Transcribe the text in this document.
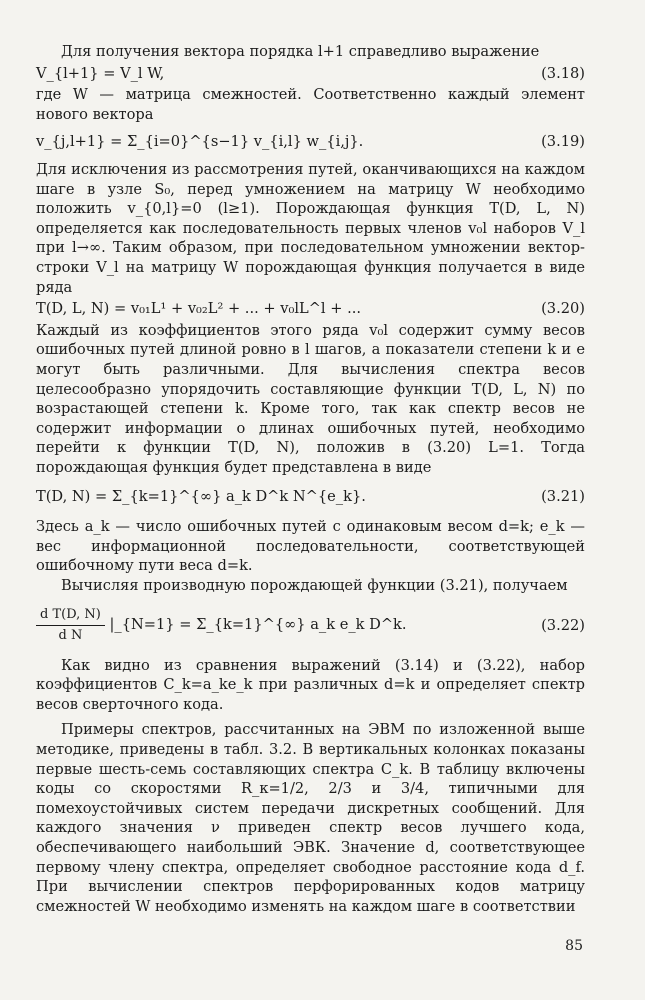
Для получения вектора порядка l+1 справедливо выражение

V_{l+1} = V_l W,	(3.18)

где W — матрица смежностей. Соответственно каждый элемент нового вектора

v_{j,l+1} = Σ_{i=0}^{s−1} v_{i,l} w_{i,j}.	(3.19)

Для исключения из рассмотрения путей, оканчивающихся на каждом шаге в узле S₀, перед умножением на матрицу W необходимо положить v_{0,l}=0 (l≥1). Порождающая функция T(D, L, N) определяется как последовательность первых членов v₀l наборов V_l при l→∞. Таким образом, при последовательном умножении вектор-строки V_l на матрицу W порождающая функция получается в виде ряда

T(D, L, N) = v₀₁L¹ + v₀₂L² + ... + v₀lL^l + ...	(3.20)

Каждый из коэффициентов этого ряда v₀l содержит сумму весов ошибочных путей длиной ровно в l шагов, а показатели степени k и e могут быть различными. Для вычисления спектра весов целесообразно упорядочить составляющие функции T(D, L, N) по возрастающей степени k. Кроме того, так как спектр весов не содержит информации о длинах ошибочных путей, необходимо перейти к функции T(D, N), положив в (3.20) L=1. Тогда порождающая функция будет представлена в виде

T(D, N) = Σ_{k=1}^{∞} a_k D^k N^{e_k}.	(3.21)

Здесь a_k — число ошибочных путей с одинаковым весом d=k; e_k — вес информационной последовательности, соответствующей ошибочному пути веса d=k.

Вычисляя производную порождающей функции (3.21), получаем

$\frac{\text{d T(D, N)}}{\text{d N}}$ |_{N=1} = Σ_{k=1}^{∞} a_k e_k D^k.	(3.22)

Как видно из сравнения выражений (3.14) и (3.22), набор коэффициентов C_k=a_ke_k при различных d=k и определяет спектр весов сверточного кода.

Примеры спектров, рассчитанных на ЭВМ по изложенной выше методике, приведены в табл. 3.2. В вертикальных колонках показаны первые шесть-семь составляющих спектра C_k. В таблицу включены коды со скоростями R_к=1/2, 2/3 и 3/4, типичными для помехоустойчивых систем передачи дискретных сообщений. Для каждого значения ν приведен спектр весов лучшего кода, обеспечивающего наибольший ЭВК. Значение d, соответствующее первому члену спектра, определяет свободное расстояние кода d_f. При вычислении спектров перфорированных кодов матрицу смежностей W необходимо изменять на каждом шаге в соответствии

85
